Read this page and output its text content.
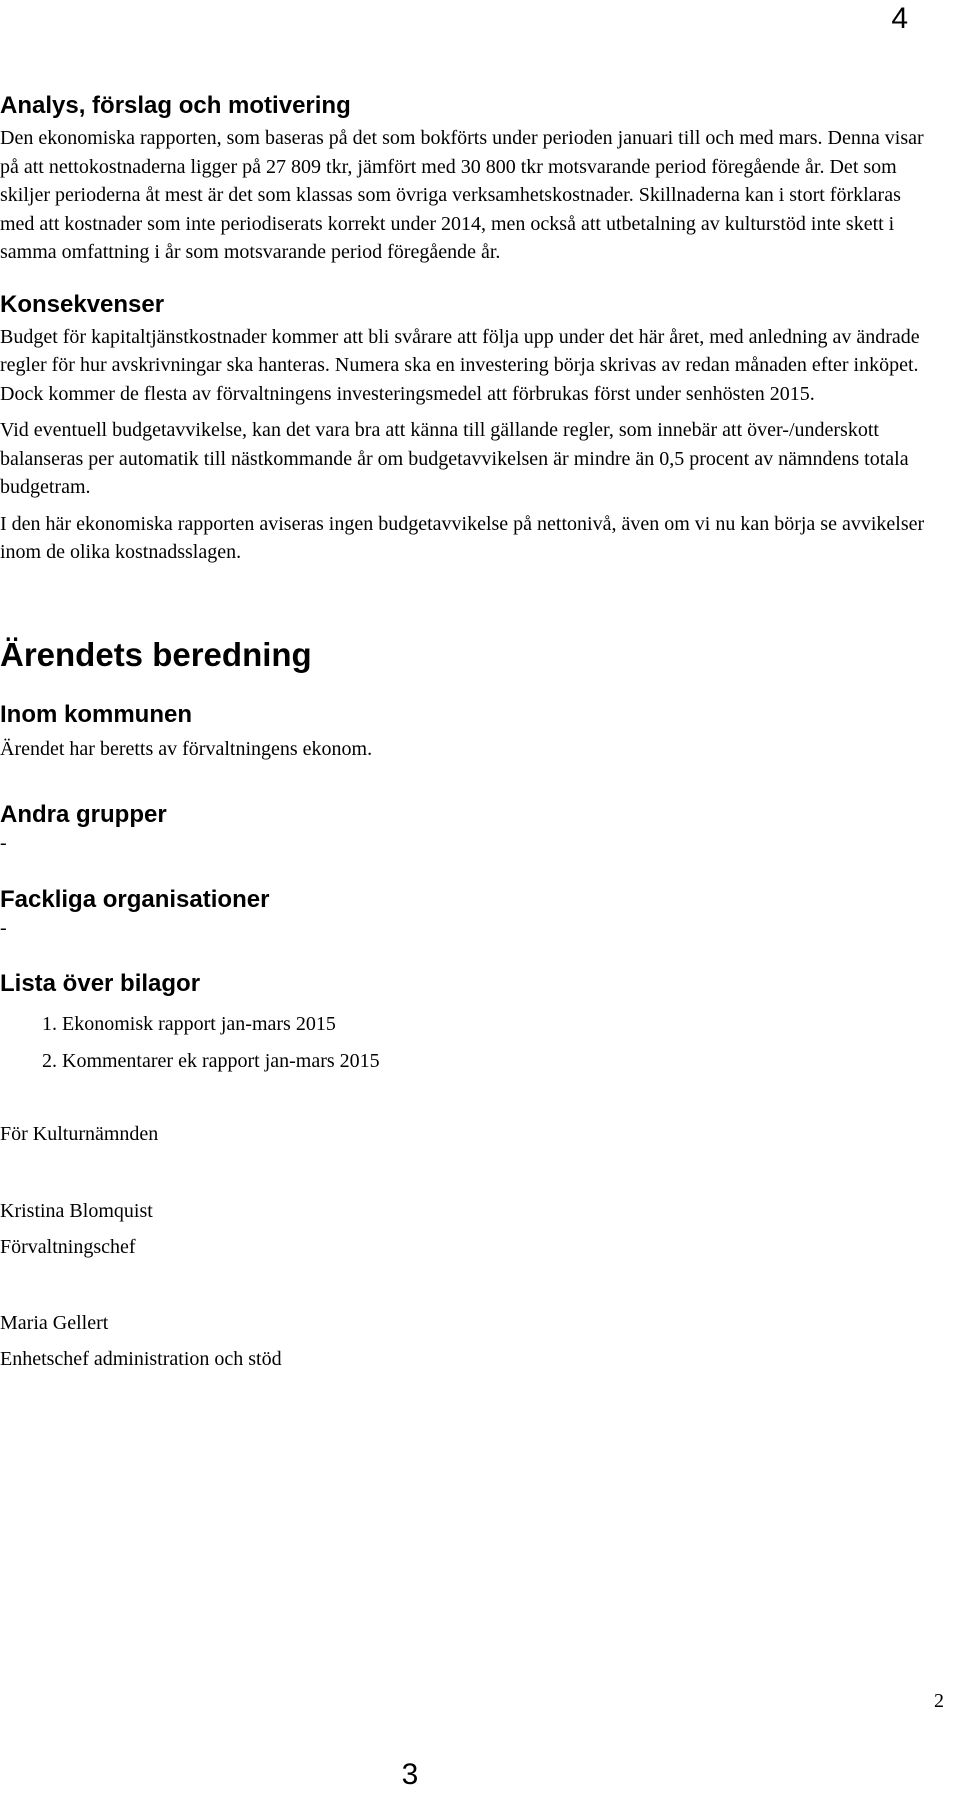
4
Analys, förslag och motivering

Den ekonomiska rapporten, som baseras på det som bokförts under perioden januari till och med mars. Denna visar på att nettokostnaderna ligger på 27 809 tkr, jämfört med 30 800 tkr motsvarande period föregående år. Det som skiljer perioderna åt mest är det som klassas som övriga verksamhetskostnader. Skillnaderna kan i stort förklaras med att kostnader som inte periodiserats korrekt under 2014, men också att utbetalning av kulturstöd inte skett i samma omfattning i år som motsvarande period föregående år.

Konsekvenser

Budget för kapitaltjänstkostnader kommer att bli svårare att följa upp under det här året, med anledning av ändrade regler för hur avskrivningar ska hanteras. Numera ska en investering börja skrivas av redan månaden efter inköpet. Dock kommer de flesta av förvaltningens investeringsmedel att förbrukas först under senhösten 2015.

Vid eventuell budgetavvikelse, kan det vara bra att känna till gällande regler, som innebär att över-/underskott balanseras per automatik till nästkommande år om budgetavvikelsen är mindre än 0,5 procent av nämndens totala budgetram.

I den här ekonomiska rapporten aviseras ingen budgetavvikelse på nettonivå, även om vi nu kan börja se avvikelser inom de olika kostnadsslagen.

Ärendets beredning
Inom kommunen

Ärendet har beretts av förvaltningens ekonom.

Andra grupper

-

Fackliga organisationer

-

Lista över bilagor
1. Ekonomisk rapport jan-mars 2015
2. Kommentarer ek rapport jan-mars 2015

För Kulturnämnden

Kristina Blomquist

Förvaltningschef

Maria Gellert

Enhetschef administration och stöd

2
3
